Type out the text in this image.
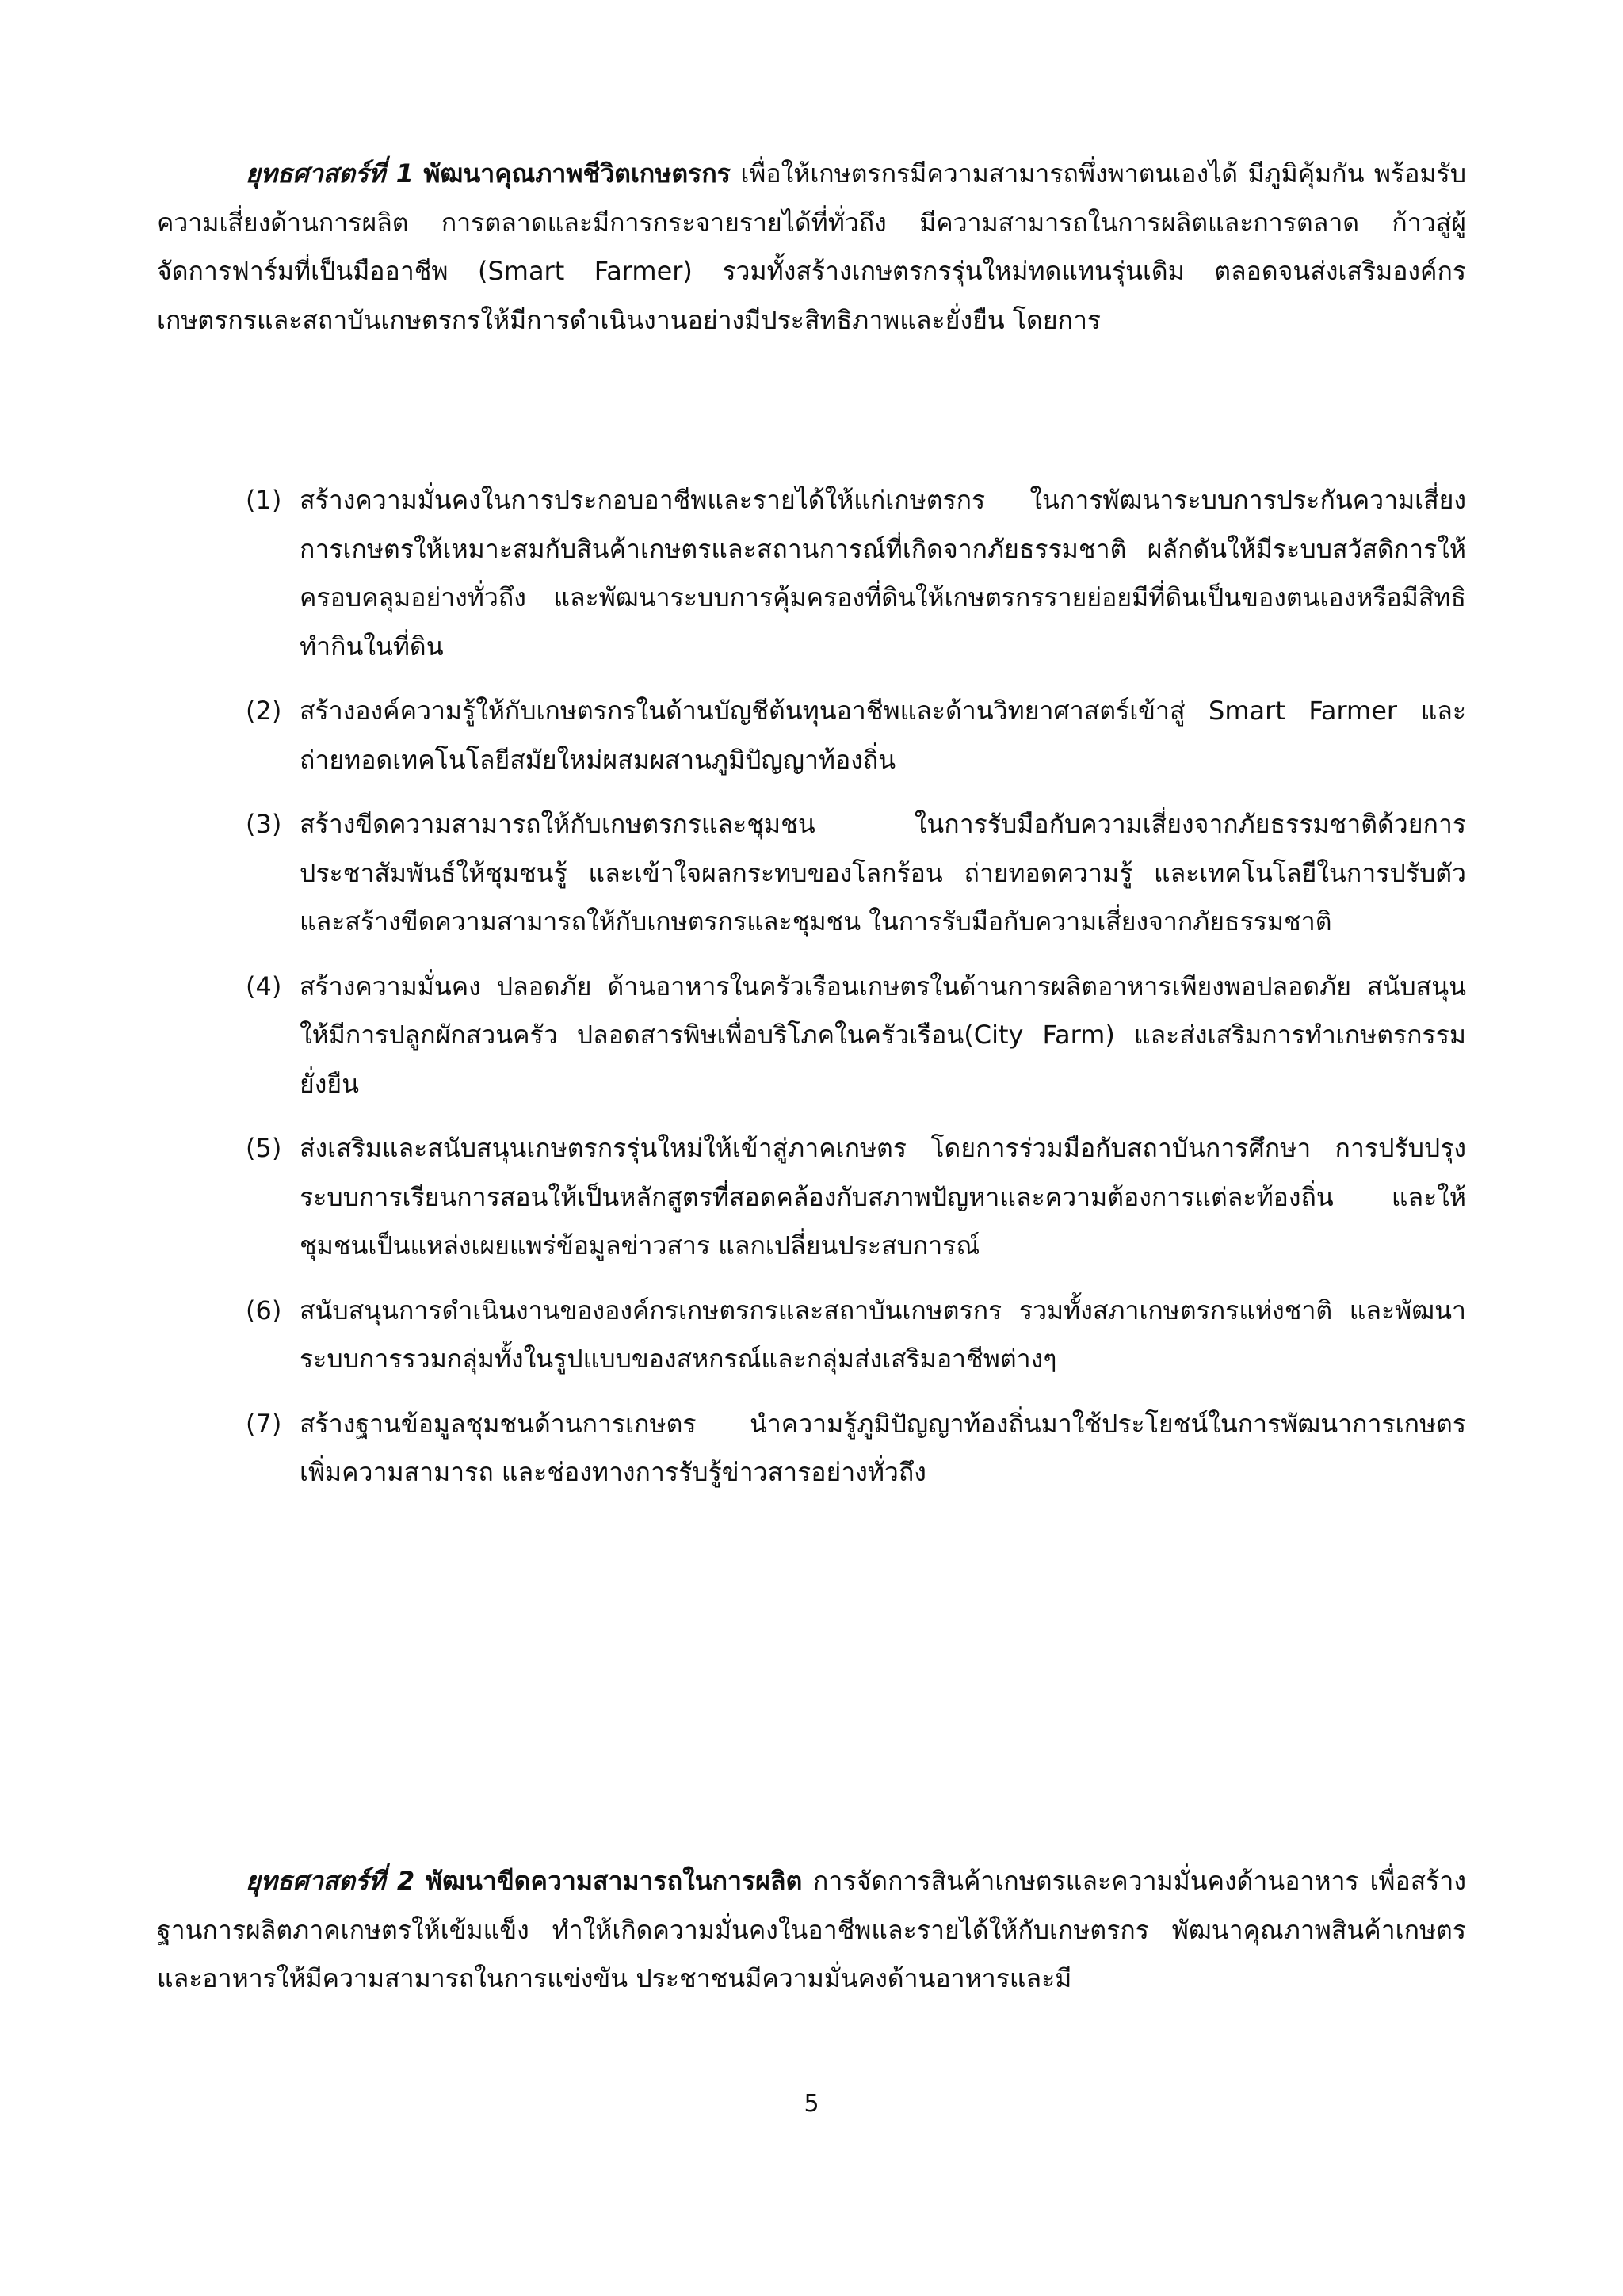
ยุทธศาสตร์ที่ 1 พัฒนาคุณภาพชีวิตเกษตรกร เพื่อให้เกษตรกรมีความสามารถพึ่งพาตนเองได้ มีภูมิคุ้มกัน พร้อมรับความเสี่ยงด้านการผลิต การตลาดและมีการกระจายรายได้ที่ทั่วถึง มีความสามารถในการผลิตและการตลาด ก้าวสู่ผู้จัดการฟาร์มที่เป็นมืออาชีพ (Smart Farmer) รวมทั้งสร้างเกษตรกรรุ่นใหม่ทดแทนรุ่นเดิม ตลอดจนส่งเสริมองค์กรเกษตรกรและสถาบันเกษตรกรให้มีการดำเนินงานอย่างมีประสิทธิภาพและยั่งยืน โดยการ

(1) สร้างความมั่นคงในการประกอบอาชีพและรายได้ให้แก่เกษตรกร ในการพัฒนาระบบการประกันความเสี่ยงการเกษตรให้เหมาะสมกับสินค้าเกษตรและสถานการณ์ที่เกิดจากภัยธรรมชาติ ผลักดันให้มีระบบสวัสดิการให้ครอบคลุมอย่างทั่วถึง และพัฒนาระบบการคุ้มครองที่ดินให้เกษตรกรรายย่อยมีที่ดินเป็นของตนเองหรือมีสิทธิทำกินในที่ดิน
(2) สร้างองค์ความรู้ให้กับเกษตรกรในด้านบัญชีต้นทุนอาชีพและด้านวิทยาศาสตร์เข้าสู่ Smart Farmer และถ่ายทอดเทคโนโลยีสมัยใหม่ผสมผสานภูมิปัญญาท้องถิ่น
(3) สร้างขีดความสามารถให้กับเกษตรกรและชุมชน ในการรับมือกับความเสี่ยงจากภัยธรรมชาติด้วยการประชาสัมพันธ์ให้ชุมชนรู้ และเข้าใจผลกระทบของโลกร้อน ถ่ายทอดความรู้ และเทคโนโลยีในการปรับตัว และสร้างขีดความสามารถให้กับเกษตรกรและชุมชน ในการรับมือกับความเสี่ยงจากภัยธรรมชาติ
(4) สร้างความมั่นคง ปลอดภัย ด้านอาหารในครัวเรือนเกษตรในด้านการผลิตอาหารเพียงพอปลอดภัย สนับสนุนให้มีการปลูกผักสวนครัว ปลอดสารพิษเพื่อบริโภคในครัวเรือน(City Farm) และส่งเสริมการทำเกษตรกรรมยั่งยืน
(5) ส่งเสริมและสนับสนุนเกษตรกรรุ่นใหม่ให้เข้าสู่ภาคเกษตร โดยการร่วมมือกับสถาบันการศึกษา การปรับปรุงระบบการเรียนการสอนให้เป็นหลักสูตรที่สอดคล้องกับสภาพปัญหาและความต้องการแต่ละท้องถิ่น และให้ชุมชนเป็นแหล่งเผยแพร่ข้อมูลข่าวสาร แลกเปลี่ยนประสบการณ์
(6) สนับสนุนการดำเนินงานขององค์กรเกษตรกรและสถาบันเกษตรกร รวมทั้งสภาเกษตรกรแห่งชาติ และพัฒนาระบบการรวมกลุ่มทั้งในรูปแบบของสหกรณ์และกลุ่มส่งเสริมอาชีพต่างๆ
(7) สร้างฐานข้อมูลชุมชนด้านการเกษตร นำความรู้ภูมิปัญญาท้องถิ่นมาใช้ประโยชน์ในการพัฒนาการเกษตร เพิ่มความสามารถ และช่องทางการรับรู้ข่าวสารอย่างทั่วถึง

ยุทธศาสตร์ที่ 2 พัฒนาขีดความสามารถในการผลิต การจัดการสินค้าเกษตรและความมั่นคงด้านอาหาร เพื่อสร้างฐานการผลิตภาคเกษตรให้เข้มแข็ง ทำให้เกิดความมั่นคงในอาชีพและรายได้ให้กับเกษตรกร พัฒนาคุณภาพสินค้าเกษตรและอาหารให้มีความสามารถในการแข่งขัน ประชาชนมีความมั่นคงด้านอาหารและมี

5
